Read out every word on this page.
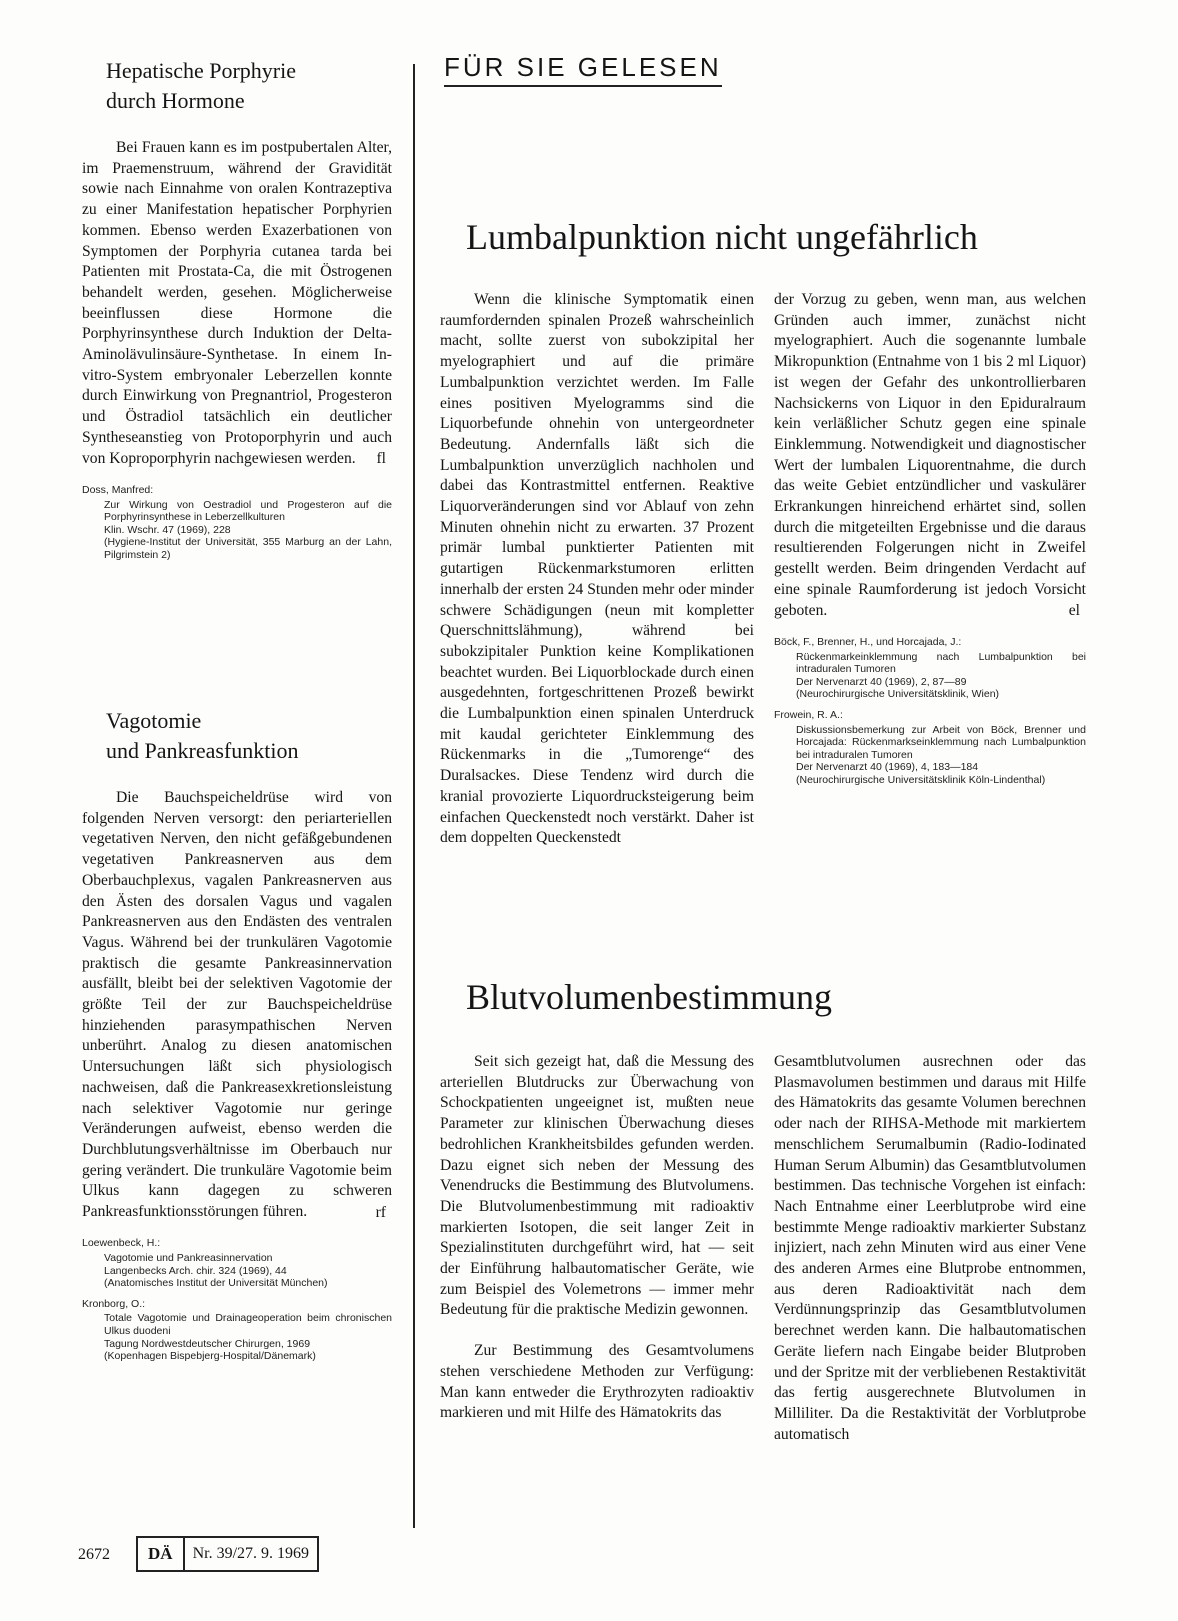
Hepatische Porphyrie
durch Hormone

Bei Frauen kann es im postpubertalen Alter, im Praemenstruum, während der Gravidität sowie nach Einnahme von oralen Kontrazeptiva zu einer Manifestation hepatischer Porphyrien kommen. Ebenso werden Exazerbationen von Symptomen der Porphyria cutanea tarda bei Patienten mit Prostata-Ca, die mit Östrogenen behandelt werden, gesehen. Möglicherweise beeinflussen diese Hormone die Porphyrinsynthese durch Induktion der Delta-Aminolävulinsäure-Synthetase. In einem In-vitro-System embryonaler Leberzellen konnte durch Einwirkung von Pregnantriol, Progesteron und Östradiol tatsächlich ein deutlicher Syntheseanstieg von Protoporphyrin und auch von Koproporphyrin nachgewiesen werden.	fl
Doss, Manfred:
Zur Wirkung von Oestradiol und Progesteron auf die Porphyrinsynthese in Leberzellkulturen
Klin. Wschr. 47 (1969), 228
(Hygiene-Institut der Universität, 355 Marburg an der Lahn, Pilgrimstein 2)
Vagotomie
und Pankreasfunktion

Die Bauchspeicheldrüse wird von folgenden Nerven versorgt: den periarteriellen vegetativen Nerven, den nicht gefäßgebundenen vegetativen Pankreasnerven aus dem Oberbauchplexus, vagalen Pankreasnerven aus den Ästen des dorsalen Vagus und vagalen Pankreasnerven aus den Endästen des ventralen Vagus. Während bei der trunkulären Vagotomie praktisch die gesamte Pankreasinnervation ausfällt, bleibt bei der selektiven Vagotomie der größte Teil der zur Bauchspeicheldrüse hinziehenden parasympathischen Nerven unberührt. Analog zu diesen anatomischen Untersuchungen läßt sich physiologisch nachweisen, daß die Pankreasexkretionsleistung nach selektiver Vagotomie nur geringe Veränderungen aufweist, ebenso werden die Durchblutungsverhältnisse im Oberbauch nur gering verändert. Die trunkuläre Vagotomie beim Ulkus kann dagegen zu schweren Pankreasfunktionsstörungen führen.	rf
Loewenbeck, H.:
Vagotomie und Pankreasinnervation
Langenbecks Arch. chir. 324 (1969), 44
(Anatomisches Institut der Universität München)
Kronborg, O.:
Totale Vagotomie und Drainageoperation beim chronischen Ulkus duodeni
Tagung Nordwestdeutscher Chirurgen, 1969
(Kopenhagen Bispebjerg-Hospital/Dänemark)
FÜR SIE GELESEN
Lumbalpunktion nicht ungefährlich

Wenn die klinische Symptomatik einen raumfordernden spinalen Prozeß wahrscheinlich macht, sollte zuerst von subokzipital her myelographiert und auf die primäre Lumbalpunktion verzichtet werden. Im Falle eines positiven Myelogramms sind die Liquorbefunde ohnehin von untergeordneter Bedeutung. Andernfalls läßt sich die Lumbalpunktion unverzüglich nachholen und dabei das Kontrastmittel entfernen. Reaktive Liquorveränderungen sind vor Ablauf von zehn Minuten ohnehin nicht zu erwarten. 37 Prozent primär lumbal punktierter Patienten mit gutartigen Rückenmarkstumoren erlitten innerhalb der ersten 24 Stunden mehr oder minder schwere Schädigungen (neun mit kompletter Querschnittslähmung), während bei subokzipitaler Punktion keine Komplikationen beachtet wurden. Bei Liquorblockade durch einen ausgedehnten, fortgeschrittenen Prozeß bewirkt die Lumbalpunktion einen spinalen Unterdruck mit kaudal gerichteter Einklemmung des Rückenmarks in die „Tumorenge“ des Duralsackes. Diese Tendenz wird durch die kranial provozierte Liquordrucksteigerung beim einfachen Queckenstedt noch verstärkt. Daher ist dem doppelten Queckenstedt

der Vorzug zu geben, wenn man, aus welchen Gründen auch immer, zunächst nicht myelographiert. Auch die sogenannte lumbale Mikropunktion (Entnahme von 1 bis 2 ml Liquor) ist wegen der Gefahr des unkontrollierbaren Nachsickerns von Liquor in den Epiduralraum kein verläßlicher Schutz gegen eine spinale Einklemmung. Notwendigkeit und diagnostischer Wert der lumbalen Liquorentnahme, die durch das weite Gebiet entzündlicher und vaskulärer Erkrankungen hinreichend erhärtet sind, sollen durch die mitgeteilten Ergebnisse und die daraus resultierenden Folgerungen nicht in Zweifel gestellt werden. Beim dringenden Verdacht auf eine spinale Raumforderung ist jedoch Vorsicht geboten.	el
Böck, F., Brenner, H., und Horcajada, J.:
Rückenmarkeinklemmung nach Lumbalpunktion bei intraduralen Tumoren
Der Nervenarzt 40 (1969), 2, 87—89
(Neurochirurgische Universitätsklinik, Wien)
Frowein, R. A.:
Diskussionsbemerkung zur Arbeit von Böck, Brenner und Horcajada: Rückenmarkseinklemmung nach Lumbalpunktion bei intraduralen Tumoren
Der Nervenarzt 40 (1969), 4, 183—184
(Neurochirurgische Universitätsklinik Köln-Lindenthal)
Blutvolumenbestimmung

Seit sich gezeigt hat, daß die Messung des arteriellen Blutdrucks zur Überwachung von Schockpatienten ungeeignet ist, mußten neue Parameter zur klinischen Überwachung dieses bedrohlichen Krankheitsbildes gefunden werden. Dazu eignet sich neben der Messung des Venendrucks die Bestimmung des Blutvolumens. Die Blutvolumenbestimmung mit radioaktiv markierten Isotopen, die seit langer Zeit in Spezialinstituten durchgeführt wird, hat — seit der Einführung halbautomatischer Geräte, wie zum Beispiel des Volemetrons — immer mehr Bedeutung für die praktische Medizin gewonnen.

Zur Bestimmung des Gesamtvolumens stehen verschiedene Methoden zur Verfügung: Man kann entweder die Erythrozyten radioaktiv markieren und mit Hilfe des Hämatokrits das

Gesamtblutvolumen ausrechnen oder das Plasmavolumen bestimmen und daraus mit Hilfe des Hämatokrits das gesamte Volumen berechnen oder nach der RIHSA-Methode mit markiertem menschlichem Serumalbumin (Radio-Iodinated Human Serum Albumin) das Gesamtblutvolumen bestimmen. Das technische Vorgehen ist einfach: Nach Entnahme einer Leerblutprobe wird eine bestimmte Menge radioaktiv markierter Substanz injiziert, nach zehn Minuten wird aus einer Vene des anderen Armes eine Blutprobe entnommen, aus deren Radioaktivität nach dem Verdünnungsprinzip das Gesamtblutvolumen berechnet werden kann. Die halbautomatischen Geräte liefern nach Eingabe beider Blutproben und der Spritze mit der verbliebenen Restaktivität das fertig ausgerechnete Blutvolumen in Milliliter. Da die Restaktivität der Vorblutprobe automatisch

2672	DÄ	Nr. 39/27. 9. 1969
